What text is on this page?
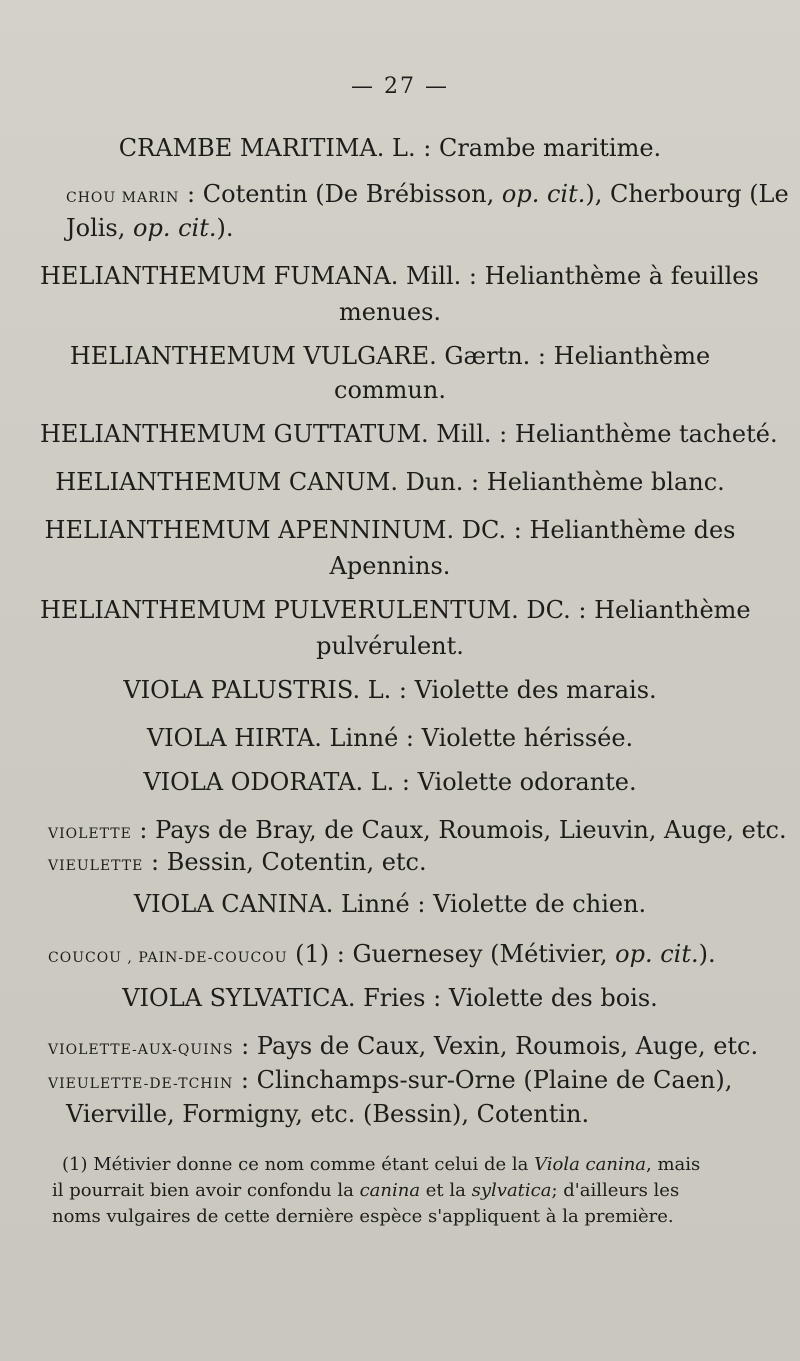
— 27 —
CRAMBE MARITIMA. L. : Crambe maritime.
CHOU MARIN : Cotentin (De Brébisson, op. cit.), Cherbourg (Le
Jolis, op. cit.).
HELIANTHEMUM FUMANA. Mill. : Helianthème à feuilles
menues.
HELIANTHEMUM VULGARE. Gærtn. : Helianthème
commun.
HELIANTHEMUM GUTTATUM. Mill. : Helianthème tacheté.
HELIANTHEMUM CANUM. Dun. : Helianthème blanc.
HELIANTHEMUM APENNINUM. DC. : Helianthème des
Apennins.
HELIANTHEMUM PULVERULENTUM. DC. : Helianthème
pulvérulent.
VIOLA PALUSTRIS. L. : Violette des marais.
VIOLA HIRTA. Linné : Violette hérissée.
VIOLA ODORATA. L. : Violette odorante.
VIOLETTE : Pays de Bray, de Caux, Roumois, Lieuvin, Auge, etc.
VIEULETTE : Bessin, Cotentin, etc.
VIOLA CANINA. Linné : Violette de chien.
COUCOU , PAIN-DE-COUCOU (1) : Guernesey (Métivier, op. cit.).
VIOLA SYLVATICA. Fries : Violette des bois.
VIOLETTE-AUX-QUINS : Pays de Caux, Vexin, Roumois, Auge, etc.
VIEULETTE-DE-TCHIN : Clinchamps-sur-Orne (Plaine de Caen),
Vierville, Formigny, etc. (Bessin), Cotentin.
(1) Métivier donne ce nom comme étant celui de la Viola canina, mais
il pourrait bien avoir confondu la canina et la sylvatica; d'ailleurs les
noms vulgaires de cette dernière espèce s'appliquent à la première.
